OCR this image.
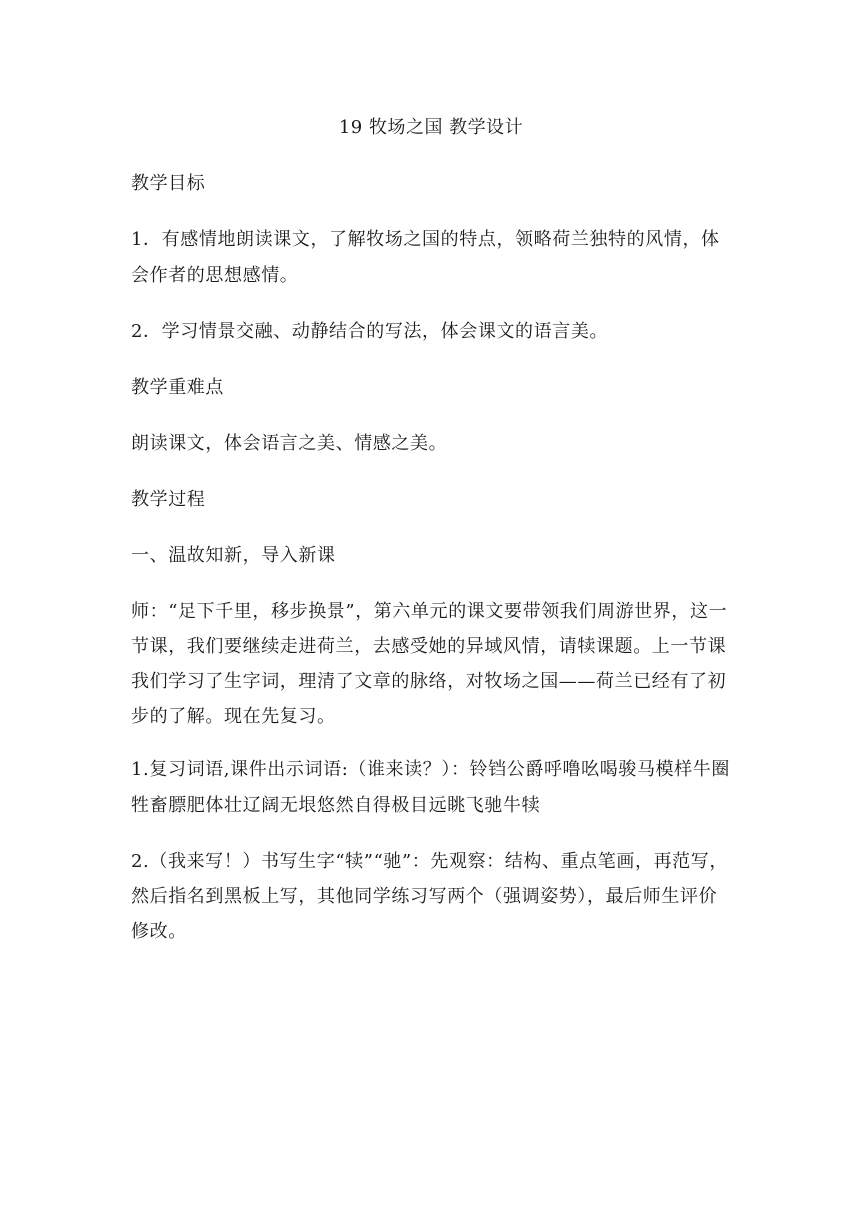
19 牧场之国 教学设计

教学目标

1．有感情地朗读课文，了解牧场之国的特点，领略荷兰独特的风情，体会作者的思想感情。

2．学习情景交融、动静结合的写法，体会课文的语言美。

教学重难点

朗读课文，体会语言之美、情感之美。

教学过程

一、温故知新，导入新课

师：“足下千里，移步换景”，第六单元的课文要带领我们周游世界，这一节课，我们要继续走进荷兰，去感受她的异域风情，请犊课题。上一节课我们学习了生字词，理清了文章的脉络，对牧场之国——荷兰已经有了初步的了解。现在先复习。

1.复习词语,课件出示词语:（谁来读？）：铃铛公爵呼噜吆喝骏马模样牛圈牲畜膘肥体壮辽阔无垠悠然自得极目远眺飞驰牛犊

2.（我来写！）书写生字“犊”“驰”：先观察：结构、重点笔画，再范写，然后指名到黑板上写，其他同学练习写两个（强调姿势），最后师生评价修改。
